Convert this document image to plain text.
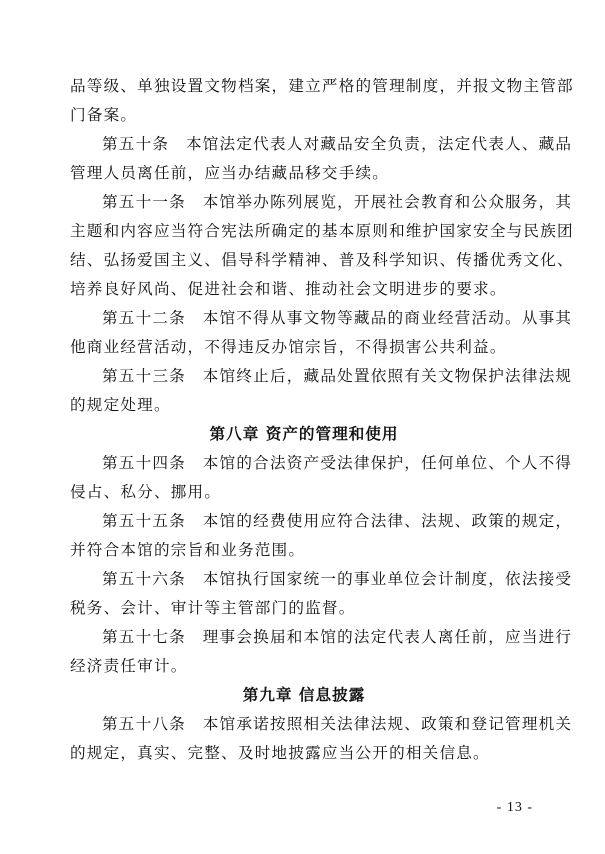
品等级、单独设置文物档案，建立严格的管理制度，并报文物主管部
门备案。
第五十条　本馆法定代表人对藏品安全负责，法定代表人、藏品
管理人员离任前，应当办结藏品移交手续。
第五十一条　本馆举办陈列展览，开展社会教育和公众服务，其
主题和内容应当符合宪法所确定的基本原则和维护国家安全与民族团
结、弘扬爱国主义、倡导科学精神、普及科学知识、传播优秀文化、
培养良好风尚、促进社会和谐、推动社会文明进步的要求。
第五十二条　本馆不得从事文物等藏品的商业经营活动。从事其
他商业经营活动，不得违反办馆宗旨，不得损害公共利益。
第五十三条　本馆终止后，藏品处置依照有关文物保护法律法规
的规定处理。
第八章 资产的管理和使用
第五十四条　本馆的合法资产受法律保护，任何单位、个人不得
侵占、私分、挪用。
第五十五条　本馆的经费使用应符合法律、法规、政策的规定，
并符合本馆的宗旨和业务范围。
第五十六条　本馆执行国家统一的事业单位会计制度，依法接受
税务、会计、审计等主管部门的监督。
第五十七条　理事会换届和本馆的法定代表人离任前，应当进行
经济责任审计。
第九章 信息披露
第五十八条　本馆承诺按照相关法律法规、政策和登记管理机关
的规定，真实、完整、及时地披露应当公开的相关信息。
- 13 -
